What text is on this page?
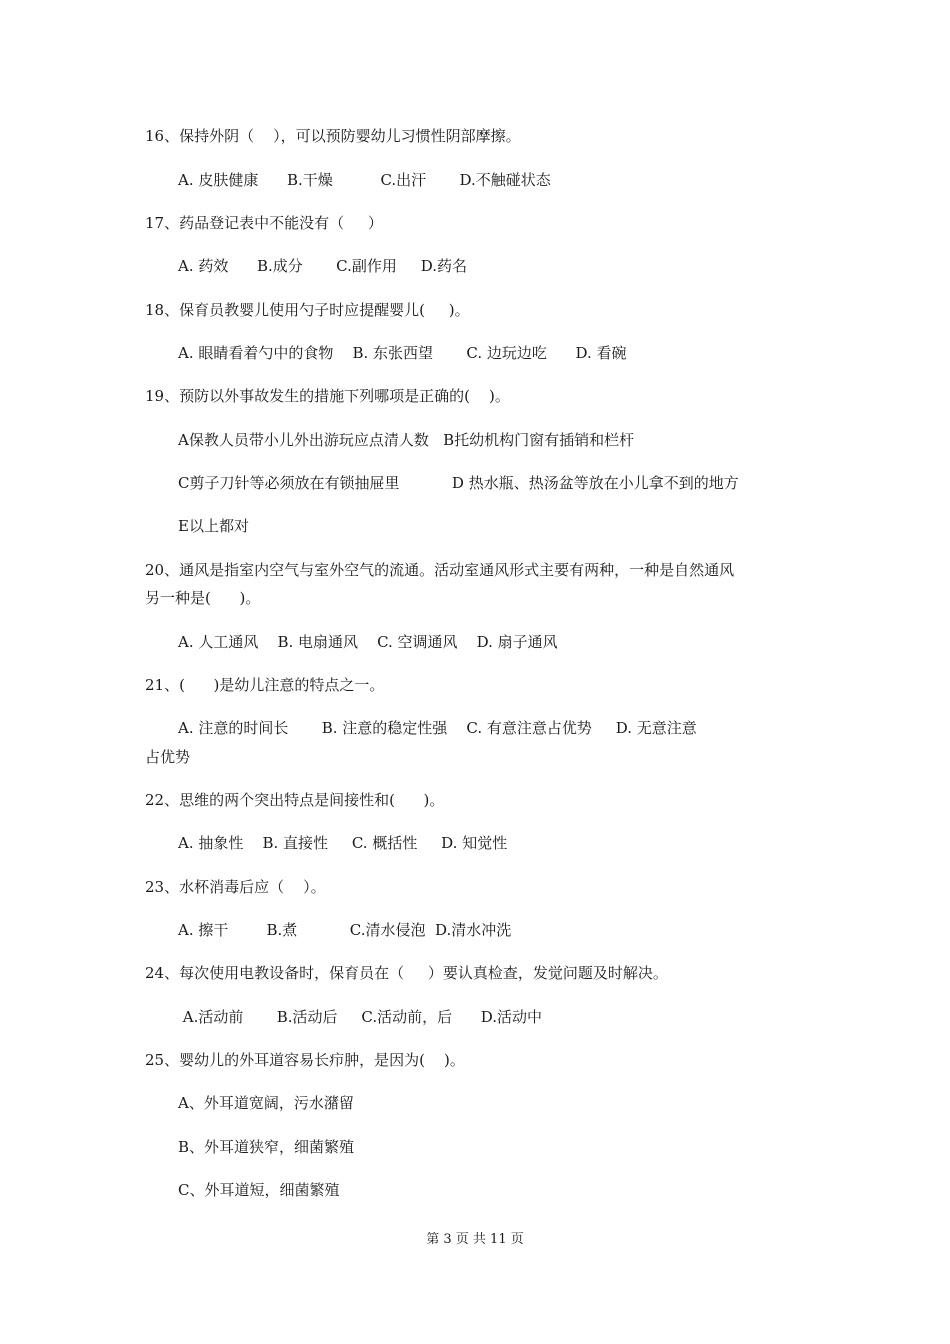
16、保持外阴（    ），可以预防婴幼儿习惯性阴部摩擦。
A. 皮肤健康      B.干燥          C.出汗       D.不触碰状态
17、药品登记表中不能没有（     ）
A. 药效      B.成分       C.副作用     D.药名
18、保育员教婴儿使用勺子时应提醒婴儿(     )。
A. 眼睛看着勺中的食物    B. 东张西望       C. 边玩边吃      D. 看碗
19、预防以外事故发生的措施下列哪项是正确的(    )。
A保教人员带小儿外出游玩应点清人数   B托幼机构门窗有插销和栏杆
C剪子刀针等必须放在有锁抽屉里           D 热水瓶、热汤盆等放在小儿拿不到的地方
E以上都对
20、通风是指室内空气与室外空气的流通。活动室通风形式主要有两种，一种是自然通风
另一种是(      )。
A. 人工通风    B. 电扇通风    C. 空调通风    D. 扇子通风
21、(      )是幼儿注意的特点之一。
A. 注意的时间长       B. 注意的稳定性强    C. 有意注意占优势     D. 无意注意
占优势
22、思维的两个突出特点是间接性和(      )。
A. 抽象性    B. 直接性     C. 概括性     D. 知觉性
23、水杯消毒后应（    ）。
A. 擦干        B.煮           C.清水侵泡  D.清水冲洗
24、每次使用电教设备时，保育员在（     ）要认真检查，发觉问题及时解决。
A.活动前       B.活动后     C.活动前，后      D.活动中
25、婴幼儿的外耳道容易长疖肿，是因为(    )。
A、外耳道宽阔，污水潴留
B、外耳道狭窄，细菌繁殖
C、外耳道短，细菌繁殖
第 3 页 共 11 页
